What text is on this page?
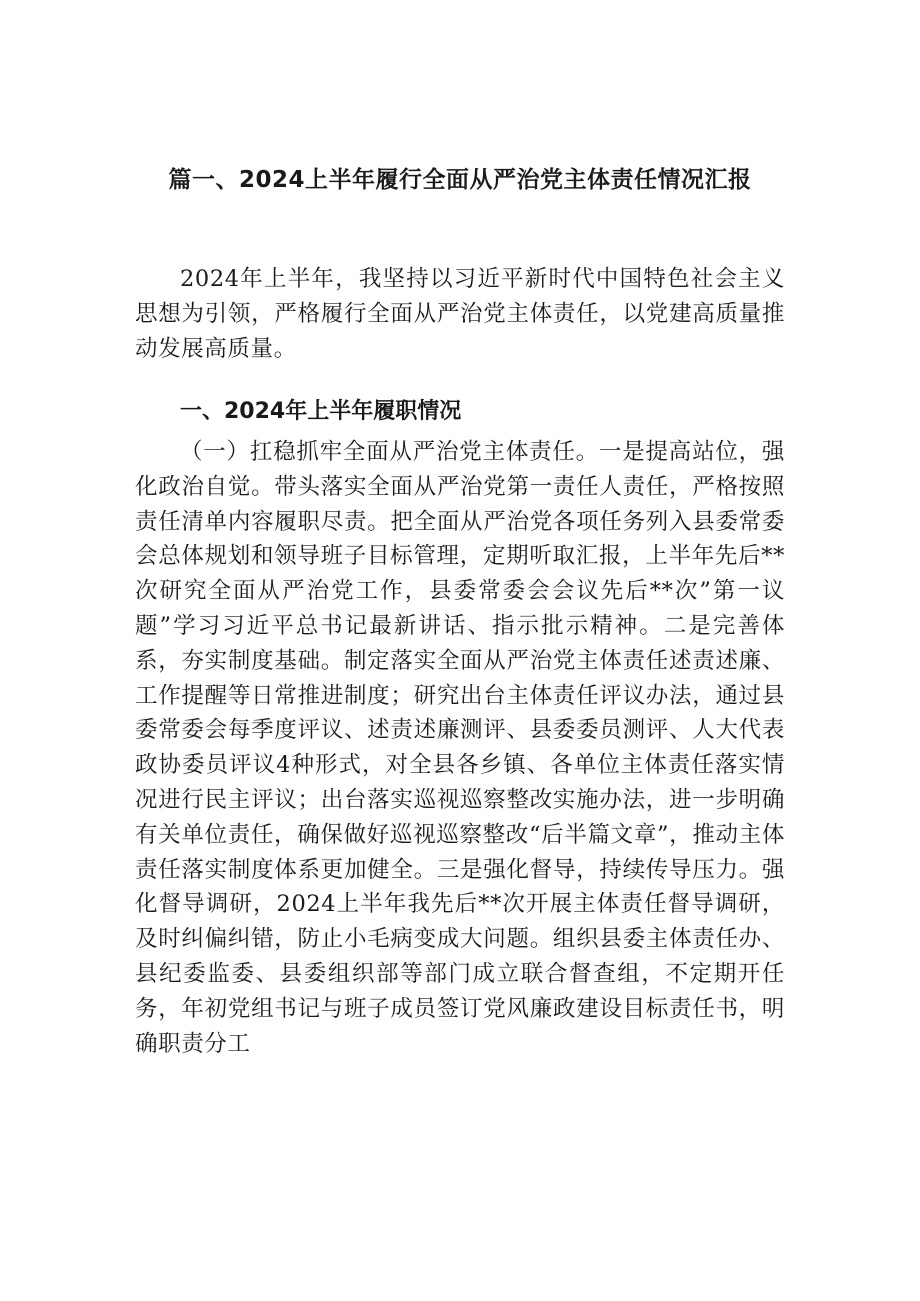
篇一、2024上半年履行全面从严治党主体责任情况汇报

2024年上半年，我坚持以习近平新时代中国特色社会主义思想为引领，严格履行全面从严治党主体责任，以党建高质量推动发展高质量。

一、2024年上半年履职情况

（一）扛稳抓牢全面从严治党主体责任。一是提高站位，强化政治自觉。带头落实全面从严治党第一责任人责任，严格按照责任清单内容履职尽责。把全面从严治党各项任务列入县委常委会总体规划和领导班子目标管理，定期听取汇报，上半年先后**次研究全面从严治党工作，县委常委会会议先后**次”第一议题”学习习近平总书记最新讲话、指示批示精神。二是完善体系，夯实制度基础。制定落实全面从严治党主体责任述责述廉、工作提醒等日常推进制度；研究出台主体责任评议办法，通过县委常委会每季度评议、述责述廉测评、县委委员测评、人大代表政协委员评议4种形式，对全县各乡镇、各单位主体责任落实情况进行民主评议；出台落实巡视巡察整改实施办法，进一步明确有关单位责任，确保做好巡视巡察整改“后半篇文章”，推动主体责任落实制度体系更加健全。三是强化督导，持续传导压力。强化督导调研，2024上半年我先后**次开展主体责任督导调研，及时纠偏纠错，防止小毛病变成大问题。组织县委主体责任办、县纪委监委、县委组织部等部门成立联合督查组，不定期开任务，年初党组书记与班子成员签订党风廉政建设目标责任书，明确职责分工
